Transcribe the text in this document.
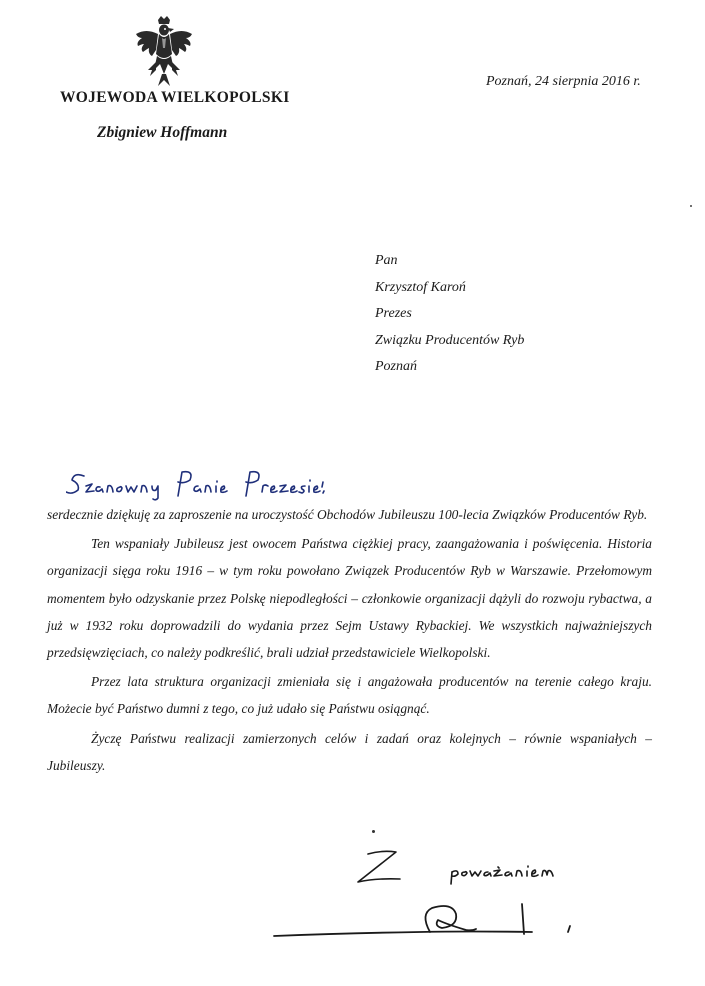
WOJEWODA WIELKOPOLSKI
Zbigniew Hoffmann
Poznań, 24 sierpnia 2016 r.
Pan
Krzysztof Karoń
Prezes
Związku Producentów Ryb
Poznań

serdecznie dziękuję za zaproszenie na uroczystość Obchodów Jubileuszu 100-lecia Związków Producentów Ryb.

Ten wspaniały Jubileusz jest owocem Państwa ciężkiej pracy, zaangażowania i poświęcenia. Historia organizacji sięga roku 1916 – w tym roku powołano Związek Producentów Ryb w Warszawie. Przełomowym momentem było odzyskanie przez Polskę niepodległości – członkowie organizacji dążyli do rozwoju rybactwa, a już w 1932 roku doprowadzili do wydania przez Sejm Ustawy Rybackiej. We wszystkich najważniejszych przedsięwzięciach, co należy podkreślić, brali udział przedstawiciele Wielkopolski.

Przez lata struktura organizacji zmieniała się i angażowała producentów na terenie całego kraju. Możecie być Państwo dumni z tego, co już udało się Państwu osiągnąć.

Życzę Państwu realizacji zamierzonych celów i zadań oraz kolejnych – równie wspaniałych – Jubileuszy.
